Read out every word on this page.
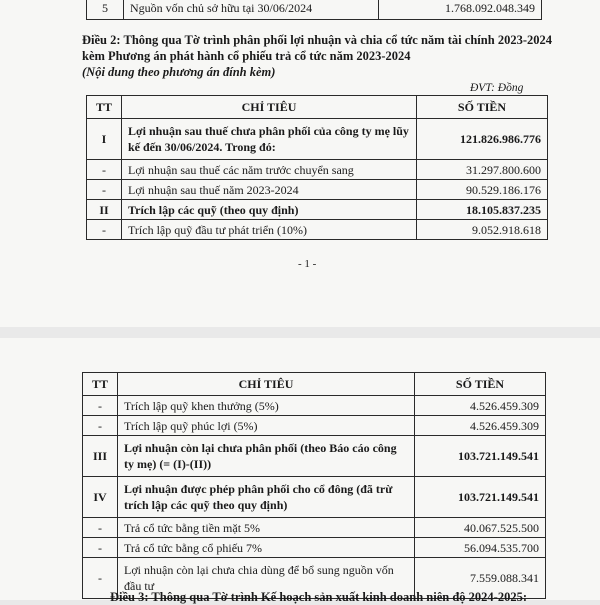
5	Nguồn vốn chủ sở hữu tại 30/06/2024	1.768.092.048.349
Điều 2: Thông qua Tờ trình phân phối lợi nhuận và chia cổ tức năm tài chính 2023-2024 kèm Phương án phát hành cổ phiếu trả cổ tức năm 2023-2024
(Nội dung theo phương án đính kèm)
ĐVT: Đồng
TT	CHỈ TIÊU	SỐ TIỀN
I	Lợi nhuận sau thuế chưa phân phối của công ty mẹ lũy kế đến 30/06/2024. Trong đó:	121.826.986.776
-	Lợi nhuận sau thuế các năm trước chuyển sang	31.297.800.600
-	Lợi nhuận sau thuế năm 2023-2024	90.529.186.176
II	Trích lập các quỹ (theo quy định)	18.105.837.235
-	Trích lập quỹ đầu tư phát triển (10%)	9.052.918.618
- 1 -
TT	CHỈ TIÊU	SỐ TIỀN
-	Trích lập quỹ khen thưởng (5%)	4.526.459.309
-	Trích lập quỹ phúc lợi (5%)	4.526.459.309
III	Lợi nhuận còn lại chưa phân phối (theo Báo cáo công ty mẹ) (= (I)-(II))	103.721.149.541
IV	Lợi nhuận được phép phân phối cho cổ đông (đã trừ trích lập các quỹ theo quy định)	103.721.149.541
-	Trả cổ tức bằng tiền mặt 5%	40.067.525.500
-	Trả cổ tức bằng cổ phiếu 7%	56.094.535.700
-	Lợi nhuận còn lại chưa chia dùng để bổ sung nguồn vốn đầu tư	7.559.088.341
Điều 3: Thông qua Tờ trình Kế hoạch sản xuất kinh doanh niên độ 2024-2025:
